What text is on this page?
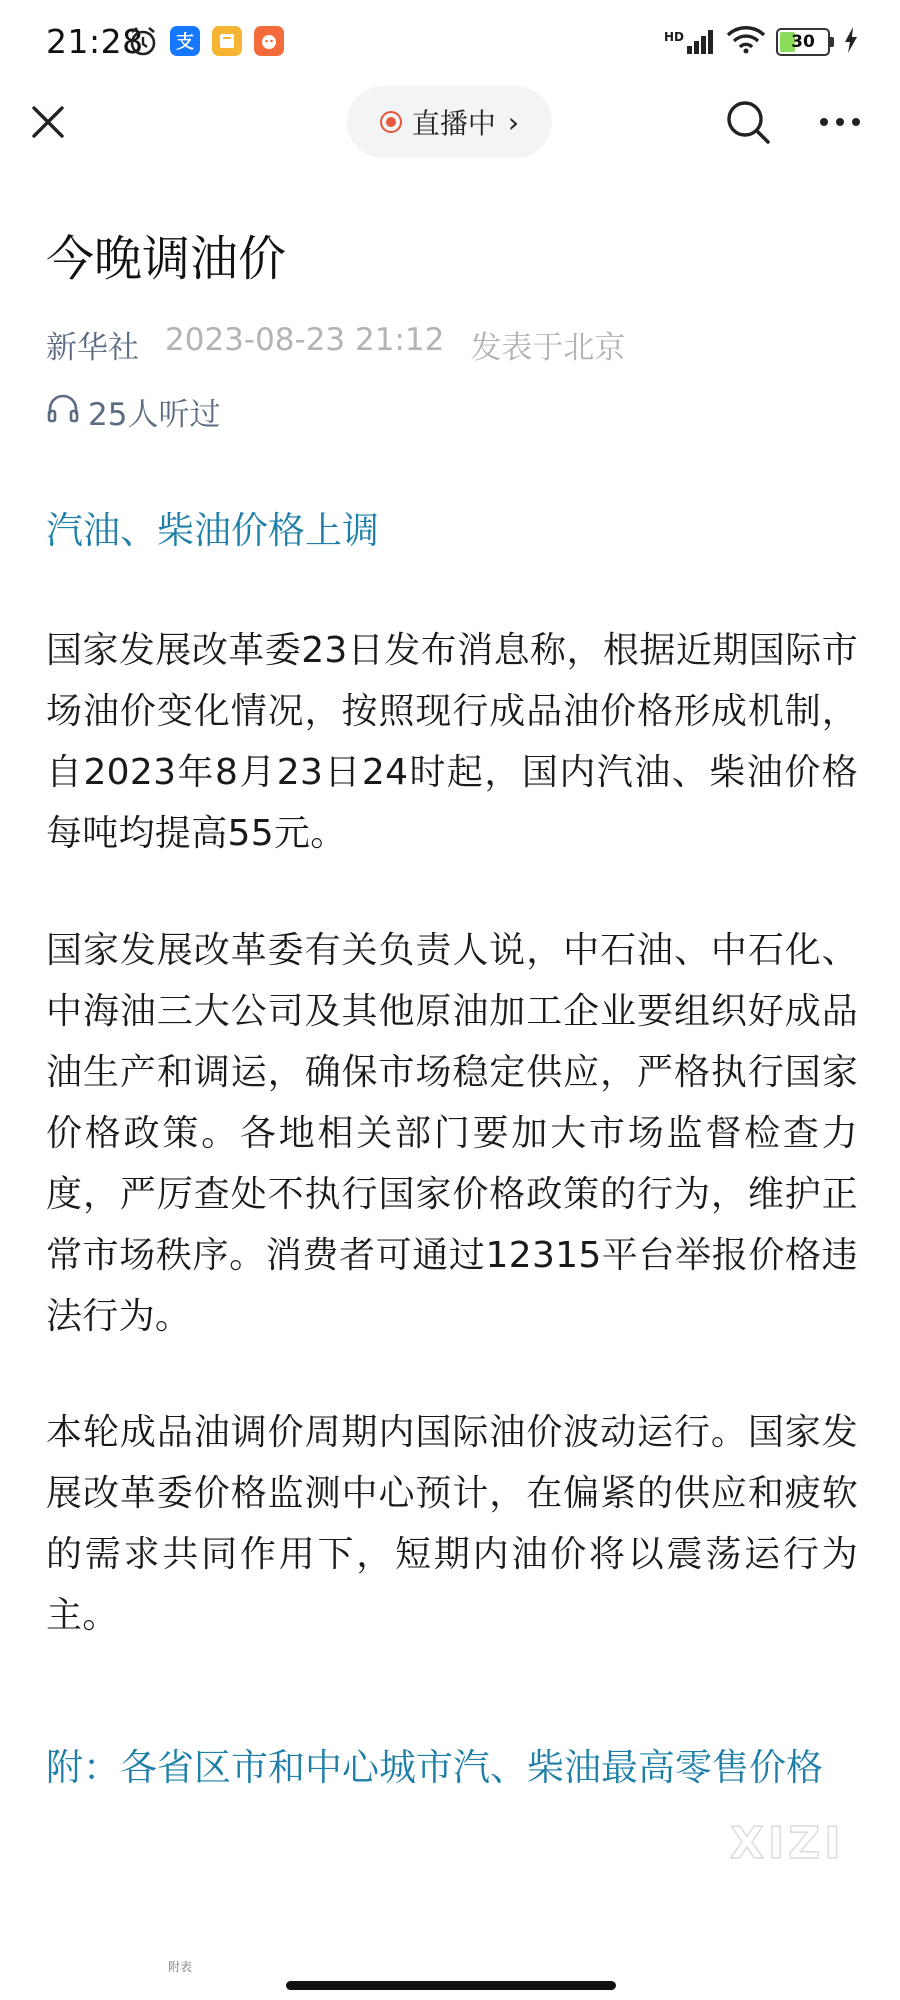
21:28	支	HD	30
直播中 ›
今晚调油价
新华社 2023-08-23 21:12 发表于北京
25人听过
汽油、柴油价格上调
国家发展改革委23日发布消息称，根据近期国际市场油价变化情况，按照现行成品油价格形成机制，自2023年8月23日24时起，国内汽油、柴油价格每吨均提高55元。
国家发展改革委有关负责人说，中石油、中石化、中海油三大公司及其他原油加工企业要组织好成品油生产和调运，确保市场稳定供应，严格执行国家价格政策。各地相关部门要加大市场监督检查力度，严厉查处不执行国家价格政策的行为，维护正常市场秩序。消费者可通过12315平台举报价格违法行为。
本轮成品油调价周期内国际油价波动运行。国家发展改革委价格监测中心预计，在偏紧的供应和疲软的需求共同作用下，短期内油价将以震荡运行为主。
附：各省区市和中心城市汽、柴油最高零售价格
XIZI
附表
